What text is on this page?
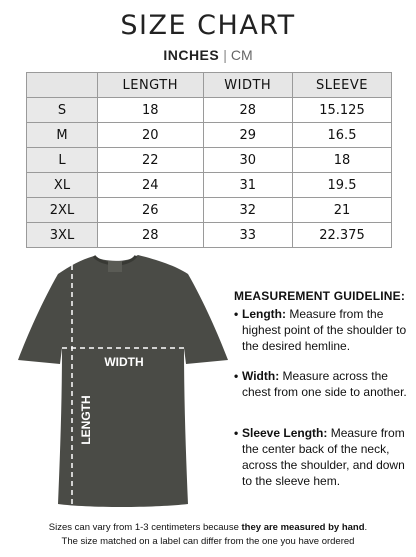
SIZE CHART
INCHES | CM
	LENGTH	WIDTH	SLEEVE
S	18	28	15.125
M	20	29	16.5
L	22	30	18
XL	24	31	19.5
2XL	26	32	21
3XL	28	33	22.375
WIDTH
LENGTH
MEASUREMENT GUIDELINE:
• Length: Measure from the highest point of the shoulder to the desired hemline.
• Width: Measure across the chest from one side to another.
• Sleeve Length: Measure from the center back of the neck, across the shoulder, and down to the sleeve hem.
Sizes can vary from 1-3 centimeters because they are measured by hand.
The size matched on a label can differ from the one you have ordered
